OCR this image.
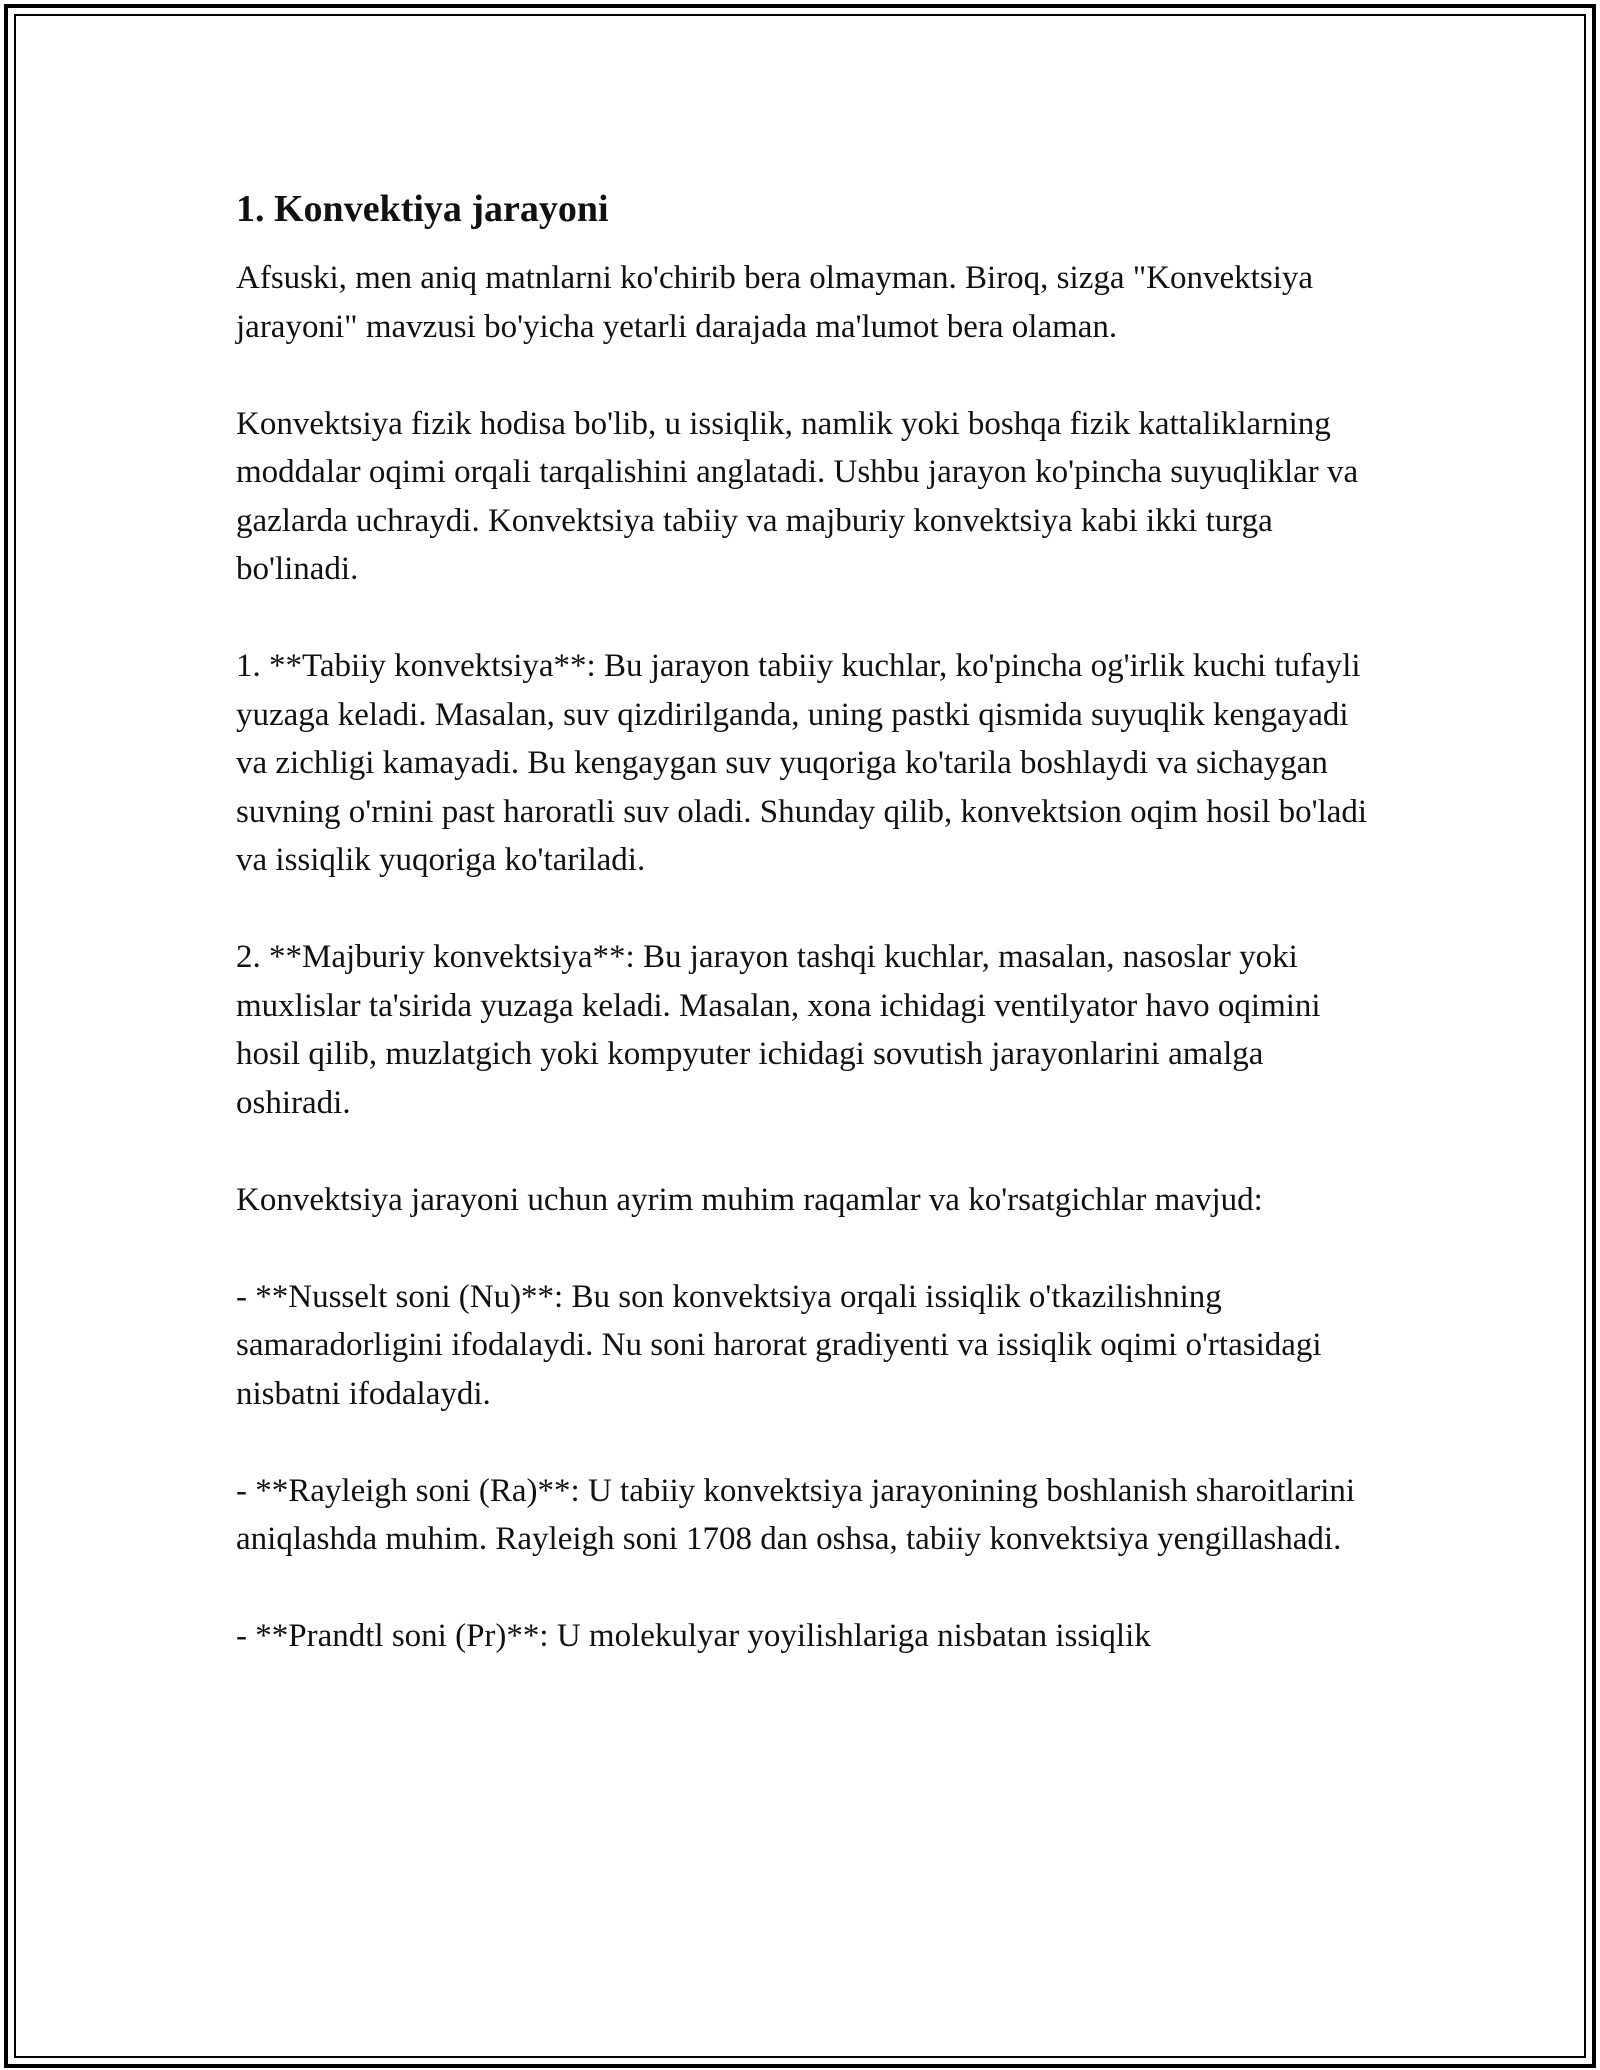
1. Konvektiya jarayoni

Afsuski, men aniq matnlarni ko'chirib bera olmayman. Biroq, sizga "Konvektsiya jarayoni" mavzusi bo'yicha yetarli darajada ma'lumot bera olaman.

Konvektsiya fizik hodisa bo'lib, u issiqlik, namlik yoki boshqa fizik kattaliklarning moddalar oqimi orqali tarqalishini anglatadi. Ushbu jarayon ko'pincha suyuqliklar va gazlarda uchraydi. Konvektsiya tabiiy va majburiy konvektsiya kabi ikki turga bo'linadi.

1. **Tabiiy konvektsiya**: Bu jarayon tabiiy kuchlar, ko'pincha og'irlik kuchi tufayli yuzaga keladi. Masalan, suv qizdirilganda, uning pastki qismida suyuqlik kengayadi va zichligi kamayadi. Bu kengaygan suv yuqoriga ko'tarila boshlaydi va sichaygan suvning o'rnini past haroratli suv oladi. Shunday qilib, konvektsion oqim hosil bo'ladi va issiqlik yuqoriga ko'tariladi.

2. **Majburiy konvektsiya**: Bu jarayon tashqi kuchlar, masalan, nasoslar yoki muxlislar ta'sirida yuzaga keladi. Masalan, xona ichidagi ventilyator havo oqimini hosil qilib, muzlatgich yoki kompyuter ichidagi sovutish jarayonlarini amalga oshiradi.

Konvektsiya jarayoni uchun ayrim muhim raqamlar va ko'rsatgichlar mavjud:

- **Nusselt soni (Nu)**: Bu son konvektsiya orqali issiqlik o'tkazilishning samaradorligini ifodalaydi. Nu soni harorat gradiyenti va issiqlik oqimi o'rtasidagi nisbatni ifodalaydi.

- **Rayleigh soni (Ra)**: U tabiiy konvektsiya jarayonining boshlanish sharoitlarini aniqlashda muhim. Rayleigh soni 1708 dan oshsa, tabiiy konvektsiya yengillashadi.

- **Prandtl soni (Pr)**: U molekulyar yoyilishlariga nisbatan issiqlik
